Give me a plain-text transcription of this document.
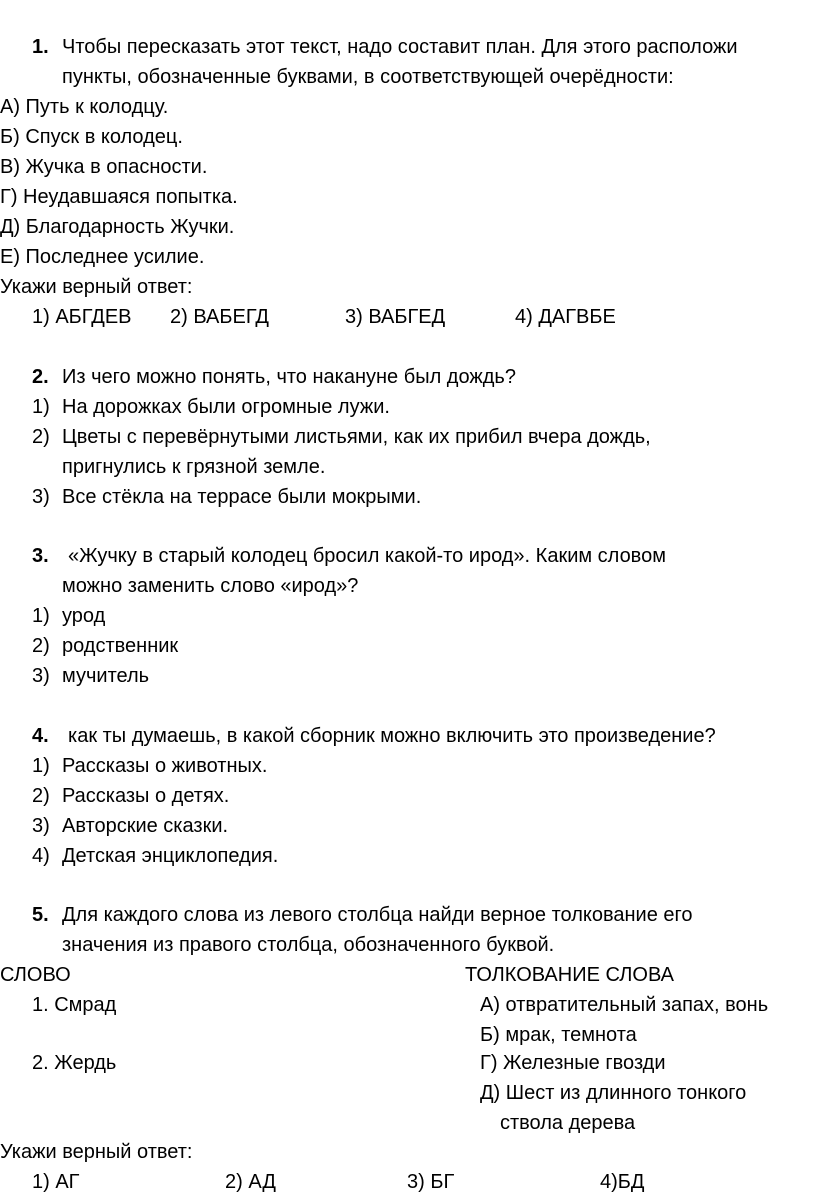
1. Чтобы пересказать этот текст, надо составит план. Для этого расположи
пункты, обозначенные буквами, в соответствующей очерёдности:
А) Путь к колодцу.
Б) Спуск в колодец.
В) Жучка в опасности.
Г) Неудавшаяся попытка.
Д) Благодарность Жучки.
Е) Последнее усилие.
Укажи верный ответ:
1) АБГДЕВ 2) ВАБЕГД	3) ВАБГЕД	4) ДАГВБЕ
2. Из чего можно понять, что накануне был дождь?
1) На дорожках были огромные лужи.
2) Цветы с перевёрнутыми листьями, как их прибил вчера дождь,
пригнулись к грязной земле.
3) Все стёкла на террасе были мокрыми.
3. «Жучку в старый колодец бросил какой-то ирод». Каким словом
можно заменить слово «ирод»?
1) урод
2) родственник
3) мучитель
4. как ты думаешь, в какой сборник можно включить это произведение?
1) Рассказы о животных.
2) Рассказы о детях.
3) Авторские сказки.
4) Детская энциклопедия.
5. Для каждого слова из левого столбца найди верное толкование его
значения из правого столбца, обозначенного буквой.
СЛОВО	ТОЛКОВАНИЕ СЛОВА
1. Смрад	А) отвратительный запах, вонь
Б) мрак, темнота
2. Жердь	Г) Железные гвозди
Д) Шест из длинного тонкого
ствола дерева
Укажи верный ответ:
1) АГ	2) АД	3) БГ	4)БД
